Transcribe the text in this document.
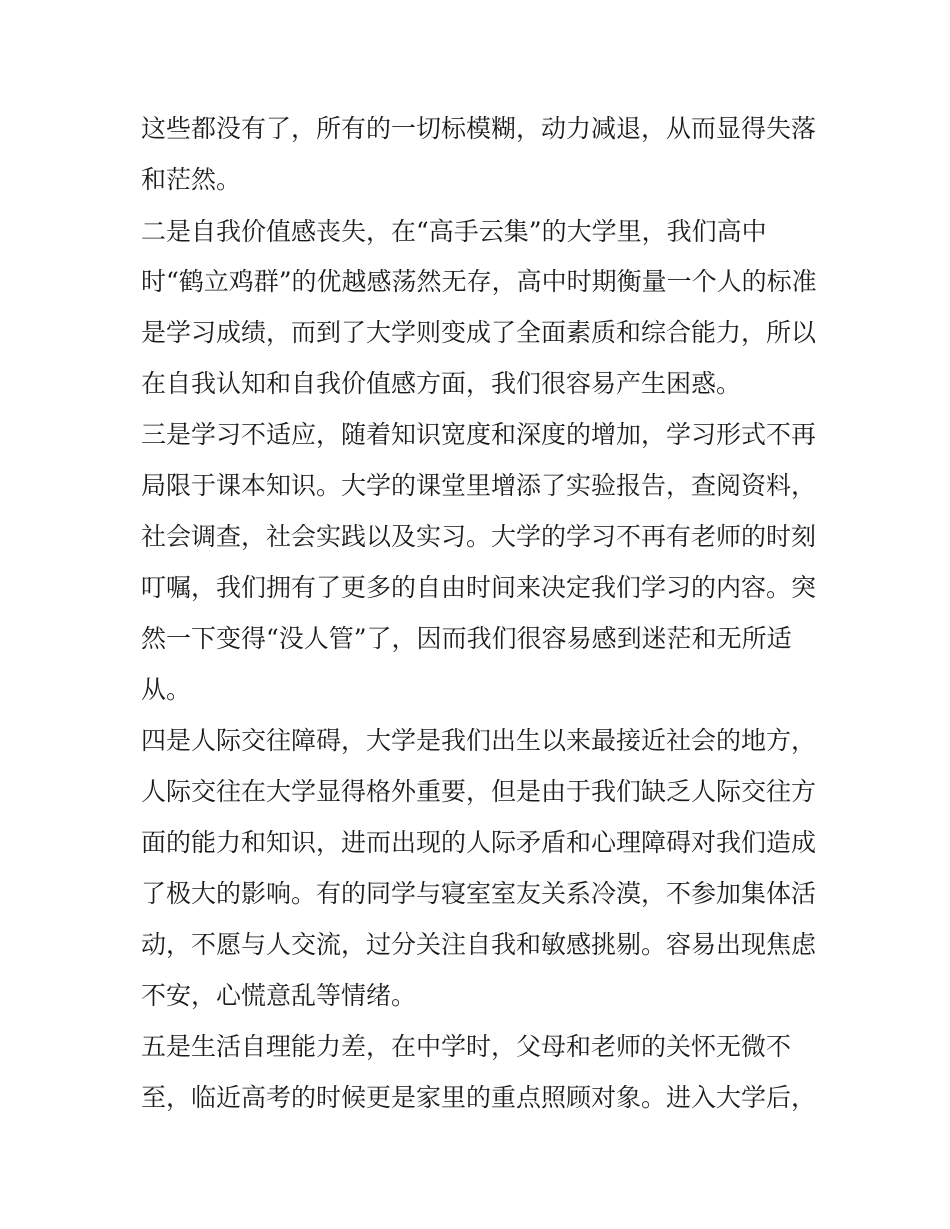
这些都没有了，所有的一切标模糊，动力减退，从而显得失落
和茫然。
二是自我价值感丧失，在“高手云集”的大学里，我们高中
时“鹤立鸡群”的优越感荡然无存，高中时期衡量一个人的标准
是学习成绩，而到了大学则变成了全面素质和综合能力，所以
在自我认知和自我价值感方面，我们很容易产生困惑。
三是学习不适应，随着知识宽度和深度的增加，学习形式不再
局限于课本知识。大学的课堂里增添了实验报告，查阅资料，
社会调查，社会实践以及实习。大学的学习不再有老师的时刻
叮嘱，我们拥有了更多的自由时间来决定我们学习的内容。突
然一下变得“没人管”了，因而我们很容易感到迷茫和无所适
从。
四是人际交往障碍，大学是我们出生以来最接近社会的地方，
人际交往在大学显得格外重要，但是由于我们缺乏人际交往方
面的能力和知识，进而出现的人际矛盾和心理障碍对我们造成
了极大的影响。有的同学与寝室室友关系冷漠，不参加集体活
动，不愿与人交流，过分关注自我和敏感挑剔。容易出现焦虑
不安，心慌意乱等情绪。
五是生活自理能力差，在中学时，父母和老师的关怀无微不
至，临近高考的时候更是家里的重点照顾对象。进入大学后，
